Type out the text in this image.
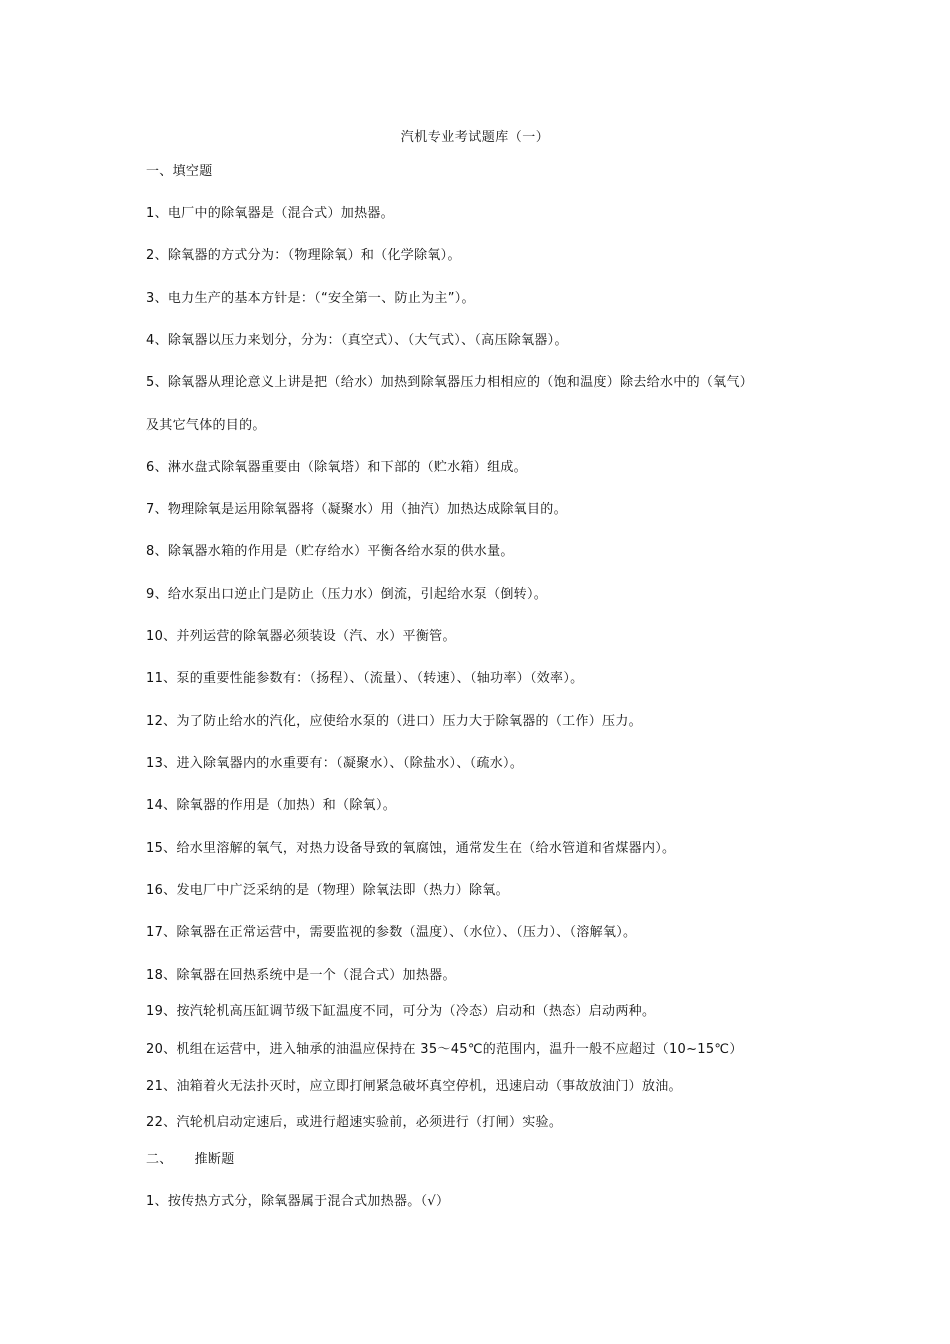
汽机专业考试题库（一）
一、填空题
1、电厂中的除氧器是（混合式）加热器。
2、除氧器的方式分为：（物理除氧）和（化学除氧）。
3、电力生产的基本方针是：（“安全第一、防止为主”）。
4、除氧器以压力来划分，分为：（真空式）、（大气式）、（高压除氧器）。
5、除氧器从理论意义上讲是把（给水）加热到除氧器压力相相应的（饱和温度）除去给水中的（氧气）
及其它气体的目的。
6、淋水盘式除氧器重要由（除氧塔）和下部的（贮水箱）组成。
7、物理除氧是运用除氧器将（凝聚水）用（抽汽）加热达成除氧目的。
8、除氧器水箱的作用是（贮存给水）平衡各给水泵的供水量。
9、给水泵出口逆止门是防止（压力水）倒流，引起给水泵（倒转）。
10、并列运营的除氧器必须装设（汽、水）平衡管。
11、泵的重要性能参数有：（扬程）、（流量）、（转速）、（轴功率）（效率）。
12、为了防止给水的汽化，应使给水泵的（进口）压力大于除氧器的（工作）压力。
13、进入除氧器内的水重要有：（凝聚水）、（除盐水）、（疏水）。
14、除氧器的作用是（加热）和（除氧）。
15、给水里溶解的氧气，对热力设备导致的氧腐蚀，通常发生在（给水管道和省煤器内）。
16、发电厂中广泛采纳的是（物理）除氧法即（热力）除氧。
17、除氧器在正常运营中，需要监视的参数（温度）、（水位）、（压力）、（溶解氧）。
18、除氧器在回热系统中是一个（混合式）加热器。
19、按汽轮机高压缸调节级下缸温度不同，可分为（冷态）启动和（热态）启动两种。
20、机组在运营中，进入轴承的油温应保持在 35～45℃的范围内，温升一般不应超过（10~15℃）
21、油箱着火无法扑灭时，应立即打闸紧急破坏真空停机，迅速启动（事故放油门）放油。
22、汽轮机启动定速后，或进行超速实验前，必须进行（打闸）实验。
二、 推断题
1、按传热方式分，除氧器属于混合式加热器。（√）
